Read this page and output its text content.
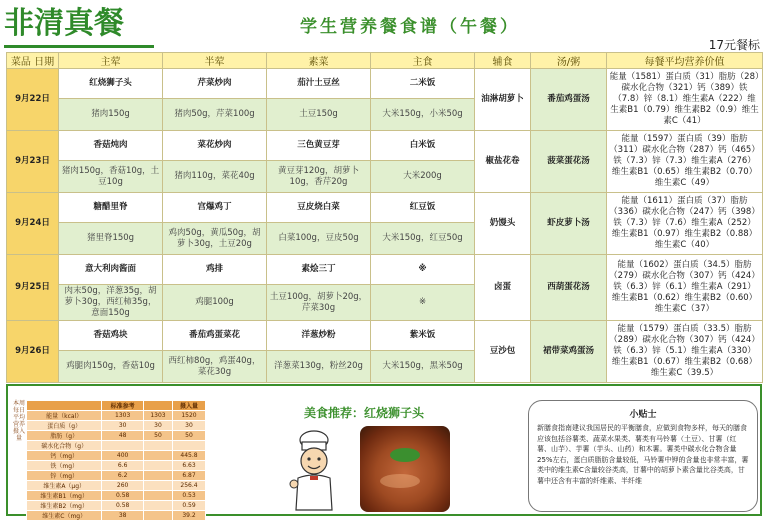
非清真餐	学生营养餐食谱（午餐）
17元餐标
菜品 日期	主荤	半荤	素菜	主食	辅食	汤/粥	每餐平均营养价值
9月22日	红烧狮子头	芹菜炒肉	茄汁土豆丝	二米饭	油淋胡萝卜	番茄鸡蛋汤	能量（1581）蛋白质（31）脂肪（28）碳水化合物（321）钙（389）铁（7.8）锌（8.1）维生素A（222）维生素B1（0.79）维生素B2（0.9）维生素C（41）
	猪肉150g	猪肉50g，芹菜100g	土豆150g	大米150g，小米50g			
9月23日	香菇炖肉	菜花炒肉	三色黄豆芽	白米饭	椒盐花卷	菠菜蛋花汤	能量（1597）蛋白质（39）脂肪（311）碳水化合物（287）钙（465）铁（7.3）锌（7.3）维生素A（276）维生素B1（0.65）维生素B2（0.70）维生素C（49）
	猪肉150g，香菇10g，土豆10g	猪肉110g，菜花40g	黄豆芽120g，胡萝卜10g，香芹20g	大米200g			
9月24日	糖醋里脊	宫爆鸡丁	豆皮烧白菜	红豆饭	奶馒头	虾皮萝卜汤	能量（1611）蛋白质（37）脂肪（336）碳水化合物（247）钙（398）铁（7.3）锌（7.6）维生素A（252）维生素B1（0.97）维生素B2（0.88）维生素C（40）
	猪里脊150g	鸡肉50g，黄瓜50g，胡萝卜30g，土豆20g	白菜100g，豆皮50g	大米150g，红豆50g			
9月25日	意大利肉酱面	鸡排	素烩三丁	※	卤蛋	西葫蛋花汤	能量（1602）蛋白质（34.5）脂肪（279）碳水化合物（307）钙（424）铁（6.3）锌（6.1）维生素A（291）维生素B1（0.62）维生素B2（0.60）维生素C（37）
	肉末50g，洋葱35g，胡萝卜30g，西红柿35g，意面150g	鸡腿100g	土豆100g，胡萝卜20g，芹菜30g	※			
9月26日	香菇鸡块	番茄鸡蛋菜花	洋葱炒粉	紫米饭	豆沙包	裙带菜鸡蛋汤	能量（1579）蛋白质（33.5）脂肪（289）碳水化合物（307）钙（424）铁（6.3）锌（5.1）维生素A（330）维生素B1（0.67）维生素B2（0.68）维生素C（39.5）
	鸡腿肉150g，香菇10g	西红柿80g，鸡蛋40g，菜花30g	洋葱菜130g，粉丝20g	大米150g，黑米50g			
本周每日平均营养摄入量
	标准参考		摄入量
能量（kcal）	1303	1303	1520
蛋白质（g）	30	30	30
脂肪（g）	48	50	50
碳水化合物（g）			
钙（mg）	400		445.8
铁（mg）	6.6		6.63
锌（mg）	6.2		6.87
维生素A（μg）	260		256.4
维生素B1（mg）	0.58		0.53
维生素B2（mg）	0.58		0.59
维生素C（mg）	38		39.2
美食推荐：红烧狮子头	小贴士
新膳食指南建议我国居民的平衡膳食，应做到食物多样，每天的膳食应该包括谷薯类、蔬菜水果类、薯类有马铃薯（土豆）、甘薯（红薯、山芋）、芋薯（芋头、山药）和木薯。薯类中碳水化合物含量25%左右，蛋白质脂肪含量较低，马铃薯中钾的含量也非常丰富，薯类中的维生素C含量较谷类高，甘薯中的胡萝卜素含量比谷类高，甘薯中还含有丰富的纤维素、半纤维
